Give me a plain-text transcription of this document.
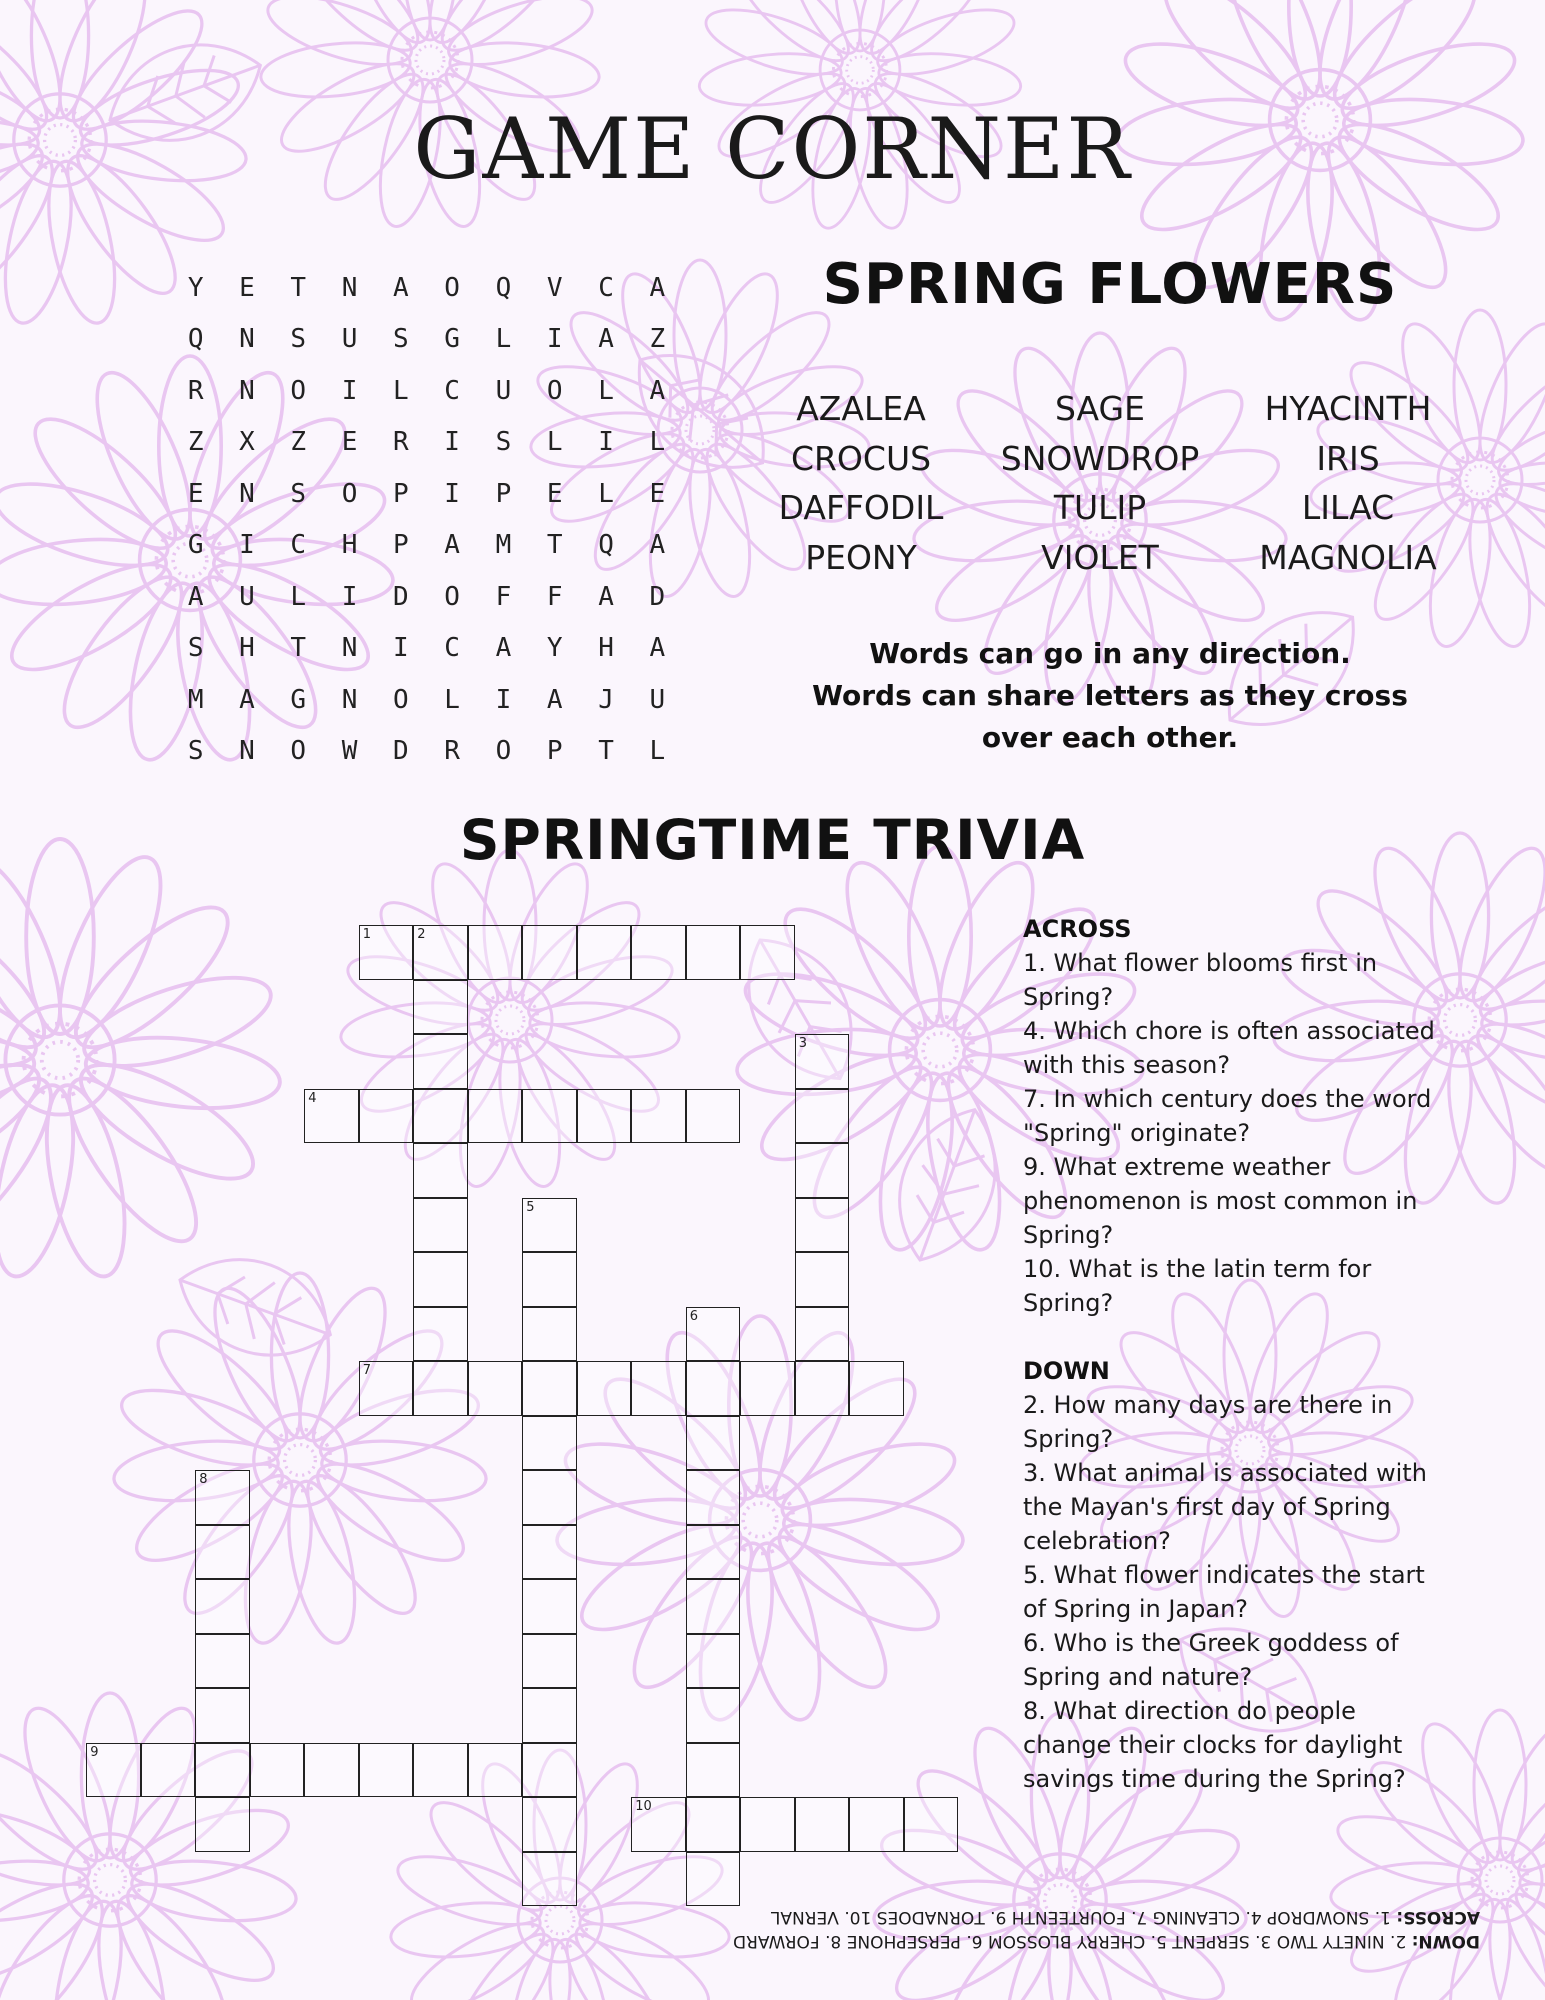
GAME CORNER
Y	E	T	N	A	O	Q	V	C	A
Q	N	S	U	S	G	L	I	A	Z
R	N	O	I	L	C	U	O	L	A
Z	X	Z	E	R	I	S	L	I	L
E	N	S	O	P	I	P	E	L	E
G	I	C	H	P	A	M	T	Q	A
A	U	L	I	D	O	F	F	A	D
S	H	T	N	I	C	A	Y	H	A
M	A	G	N	O	L	I	A	J	U
S	N	O	W	D	R	O	P	T	L
SPRING FLOWERS
AZALEA
CROCUS
DAFFODIL
PEONY
SAGE
SNOWDROP
TULIP
VIOLET
HYACINTH
IRIS
LILAC
MAGNOLIA
Words can go in any direction.
Words can share letters as they cross
over each other.
SPRINGTIME TRIVIA
1	2
3
4
5
6
7
8
9
10
ACROSS
1. What flower blooms first in
Spring?
4. Which chore is often associated
with this season?
7. In which century does the word
"Spring" originate?
9. What extreme weather
phenomenon is most common in
Spring?
10. What is the latin term for
Spring?
DOWN
2. How many days are there in
Spring?
3. What animal is associated with
the Mayan's first day of Spring
celebration?
5. What flower indicates the start
of Spring in Japan?
6. Who is the Greek goddess of
Spring and nature?
8. What direction do people
change their clocks for daylight
savings time during the Spring?
DOWN: 2. NINETY TWO 3. SERPENT 5. CHERRY BLOSSOM 6. PERSEPHONE 8. FORWARD
ACROSS: 1. SNOWDROP 4. CLEANING 7. FOURTEENTH 9. TORNADOES 10. VERNAL
